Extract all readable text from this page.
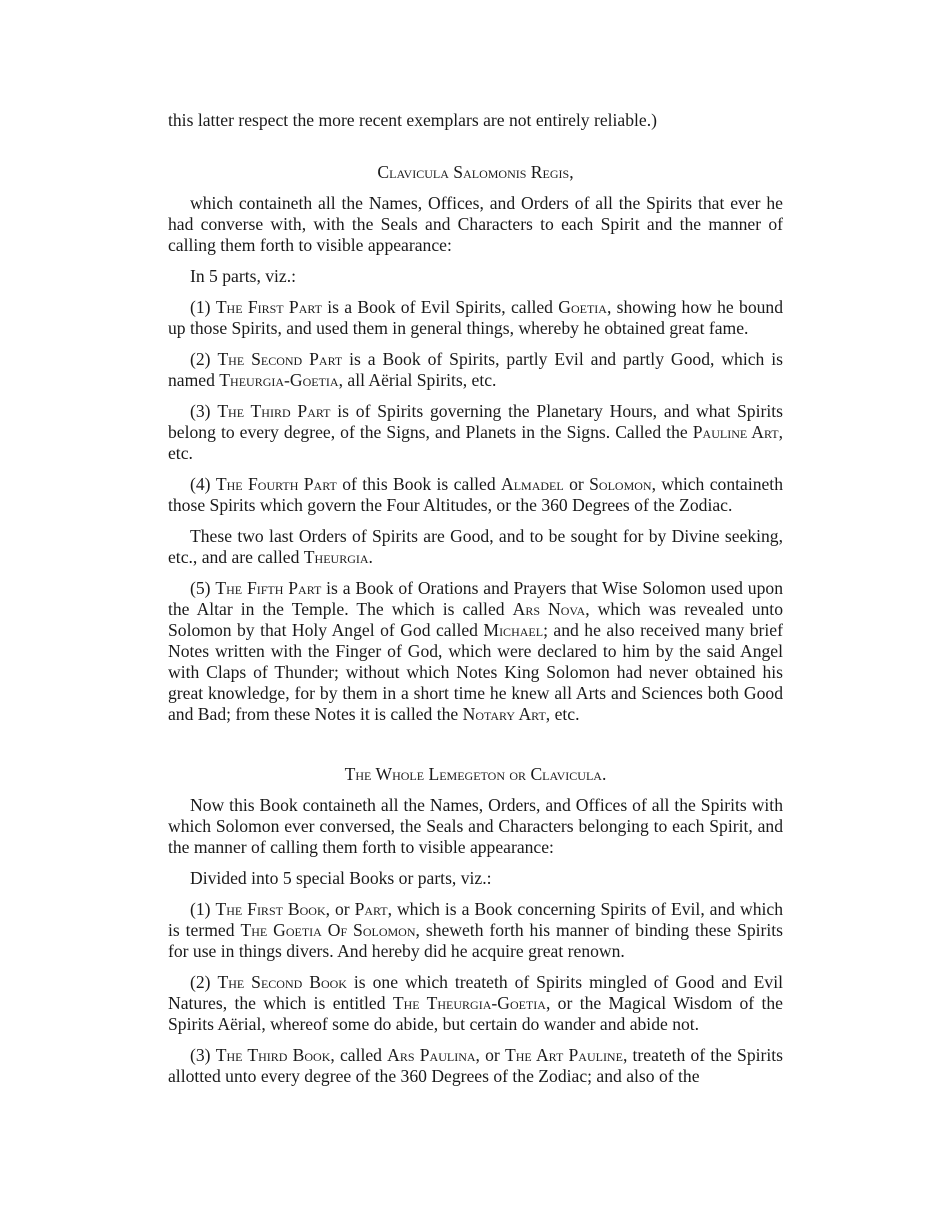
this latter respect the more recent exemplars are not entirely reliable.)

Clavicula Salomonis Regis,

which containeth all the Names, Offices, and Orders of all the Spirits that ever he had converse with, with the Seals and Characters to each Spirit and the manner of calling them forth to visible appearance:

In 5 parts, viz.:

(1) The First Part is a Book of Evil Spirits, called Goetia, showing how he bound up those Spirits, and used them in general things, whereby he obtained great fame.

(2) The Second Part is a Book of Spirits, partly Evil and partly Good, which is named Theurgia-Goetia, all Aërial Spirits, etc.

(3) The Third Part is of Spirits governing the Planetary Hours, and what Spirits belong to every degree, of the Signs, and Planets in the Signs. Called the Pauline Art, etc.

(4) The Fourth Part of this Book is called Almadel or Solomon, which containeth those Spirits which govern the Four Altitudes, or the 360 Degrees of the Zodiac.

These two last Orders of Spirits are Good, and to be sought for by Divine seeking, etc., and are called Theurgia.

(5) The Fifth Part is a Book of Orations and Prayers that Wise Solomon used upon the Altar in the Temple. The which is called Ars Nova, which was revealed unto Solomon by that Holy Angel of God called Michael; and he also received many brief Notes written with the Finger of God, which were declared to him by the said Angel with Claps of Thunder; without which Notes King Solomon had never obtained his great knowledge, for by them in a short time he knew all Arts and Sciences both Good and Bad; from these Notes it is called the Notary Art, etc.

The Whole Lemegeton or Clavicula.

Now this Book containeth all the Names, Orders, and Offices of all the Spirits with which Solomon ever conversed, the Seals and Characters belonging to each Spirit, and the manner of calling them forth to visible appearance:

Divided into 5 special Books or parts, viz.:

(1) The First Book, or Part, which is a Book concerning Spirits of Evil, and which is termed The Goetia Of Solomon, sheweth forth his manner of binding these Spirits for use in things divers. And hereby did he acquire great renown.

(2) The Second Book is one which treateth of Spirits mingled of Good and Evil Natures, the which is entitled The Theurgia-Goetia, or the Magical Wisdom of the Spirits Aërial, whereof some do abide, but certain do wander and abide not.

(3) The Third Book, called Ars Paulina, or The Art Pauline, treateth of the Spirits allotted unto every degree of the 360 Degrees of the Zodiac; and also of the
